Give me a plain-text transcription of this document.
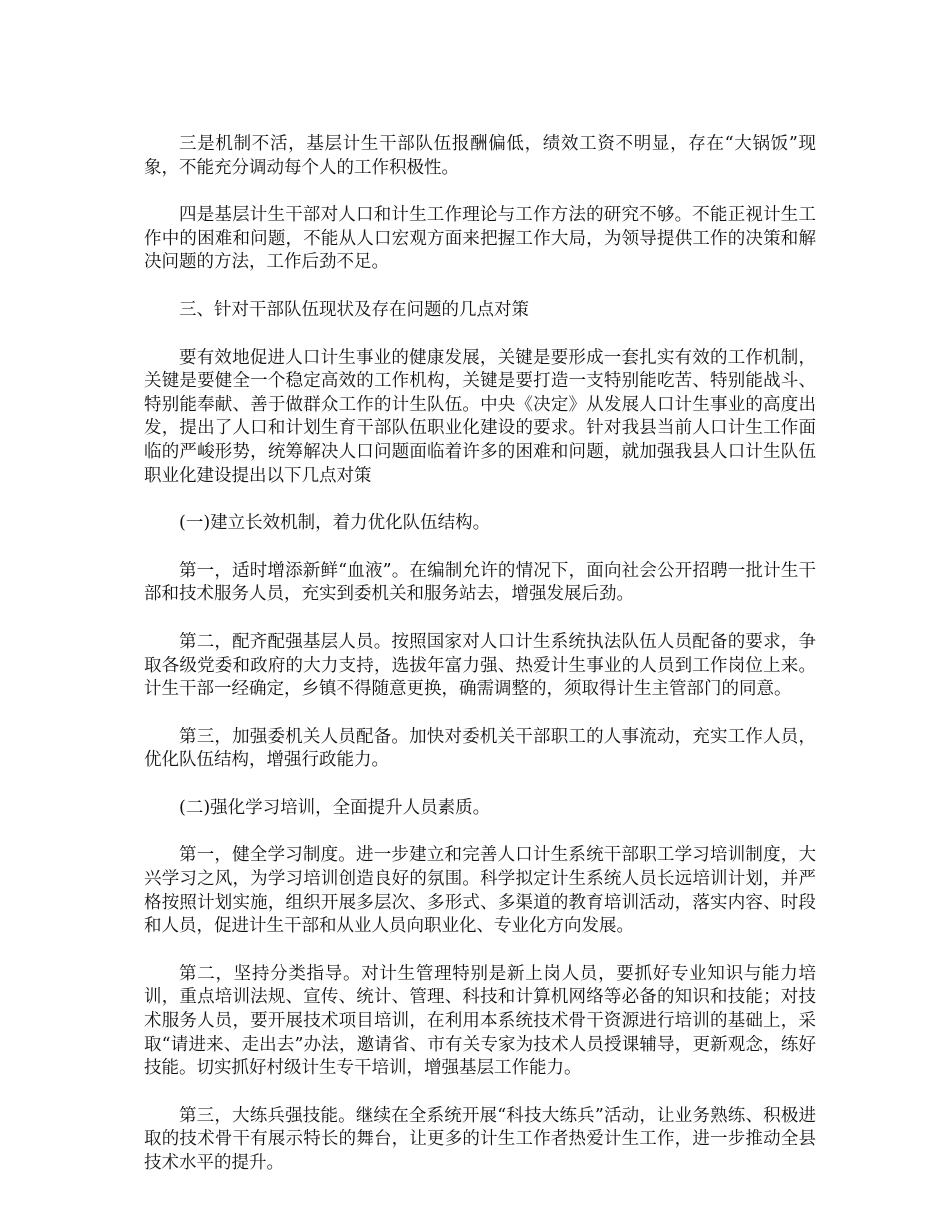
三是机制不活，基层计生干部队伍报酬偏低，绩效工资不明显，存在“大锅饭”现象，不能充分调动每个人的工作积极性。

四是基层计生干部对人口和计生工作理论与工作方法的研究不够。不能正视计生工作中的困难和问题，不能从人口宏观方面来把握工作大局，为领导提供工作的决策和解决问题的方法，工作后劲不足。

三、针对干部队伍现状及存在问题的几点对策

要有效地促进人口计生事业的健康发展，关键是要形成一套扎实有效的工作机制，关键是要健全一个稳定高效的工作机构，关键是要打造一支特别能吃苦、特别能战斗、特别能奉献、善于做群众工作的计生队伍。中央《决定》从发展人口计生事业的高度出发，提出了人口和计划生育干部队伍职业化建设的要求。针对我县当前人口计生工作面临的严峻形势，统筹解决人口问题面临着许多的困难和问题，就加强我县人口计生队伍职业化建设提出以下几点对策

(一)建立长效机制，着力优化队伍结构。

第一，适时增添新鲜“血液”。在编制允许的情况下，面向社会公开招聘一批计生干部和技术服务人员，充实到委机关和服务站去，增强发展后劲。

第二，配齐配强基层人员。按照国家对人口计生系统执法队伍人员配备的要求，争取各级党委和政府的大力支持，选拔年富力强、热爱计生事业的人员到工作岗位上来。计生干部一经确定，乡镇不得随意更换，确需调整的，须取得计生主管部门的同意。

第三，加强委机关人员配备。加快对委机关干部职工的人事流动，充实工作人员，优化队伍结构，增强行政能力。

(二)强化学习培训，全面提升人员素质。

第一，健全学习制度。进一步建立和完善人口计生系统干部职工学习培训制度，大兴学习之风，为学习培训创造良好的氛围。科学拟定计生系统人员长远培训计划，并严格按照计划实施，组织开展多层次、多形式、多渠道的教育培训活动，落实内容、时段和人员，促进计生干部和从业人员向职业化、专业化方向发展。

第二，坚持分类指导。对计生管理特别是新上岗人员，要抓好专业知识与能力培训，重点培训法规、宣传、统计、管理、科技和计算机网络等必备的知识和技能；对技术服务人员，要开展技术项目培训，在利用本系统技术骨干资源进行培训的基础上，采取“请进来、走出去”办法，邀请省、市有关专家为技术人员授课辅导，更新观念，练好技能。切实抓好村级计生专干培训，增强基层工作能力。

第三，大练兵强技能。继续在全系统开展“科技大练兵”活动，让业务熟练、积极进取的技术骨干有展示特长的舞台，让更多的计生工作者热爱计生工作，进一步推动全县技术水平的提升。
